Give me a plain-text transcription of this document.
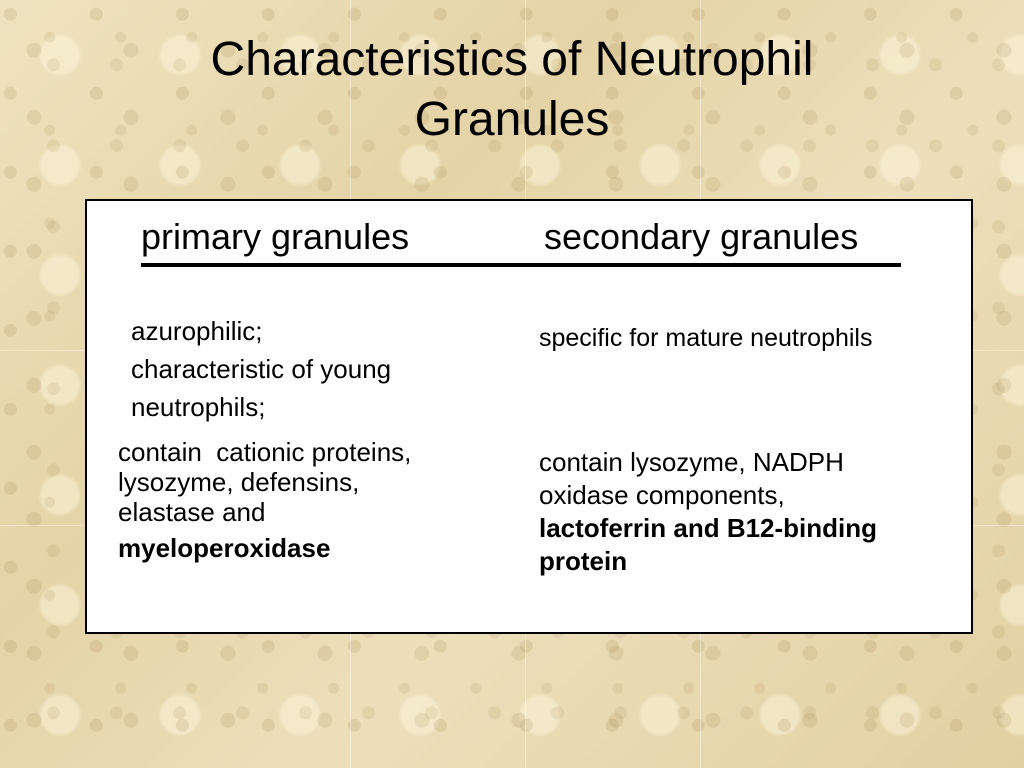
Characteristics of Neutrophil
Granules
primary granules	secondary granules
azurophilic;
characteristic of young
neutrophils;
contain  cationic proteins,
lysozyme, defensins,
elastase and
myeloperoxidase
specific for mature neutrophils
contain lysozyme, NADPH
oxidase components,
lactoferrin and B12-binding
protein
